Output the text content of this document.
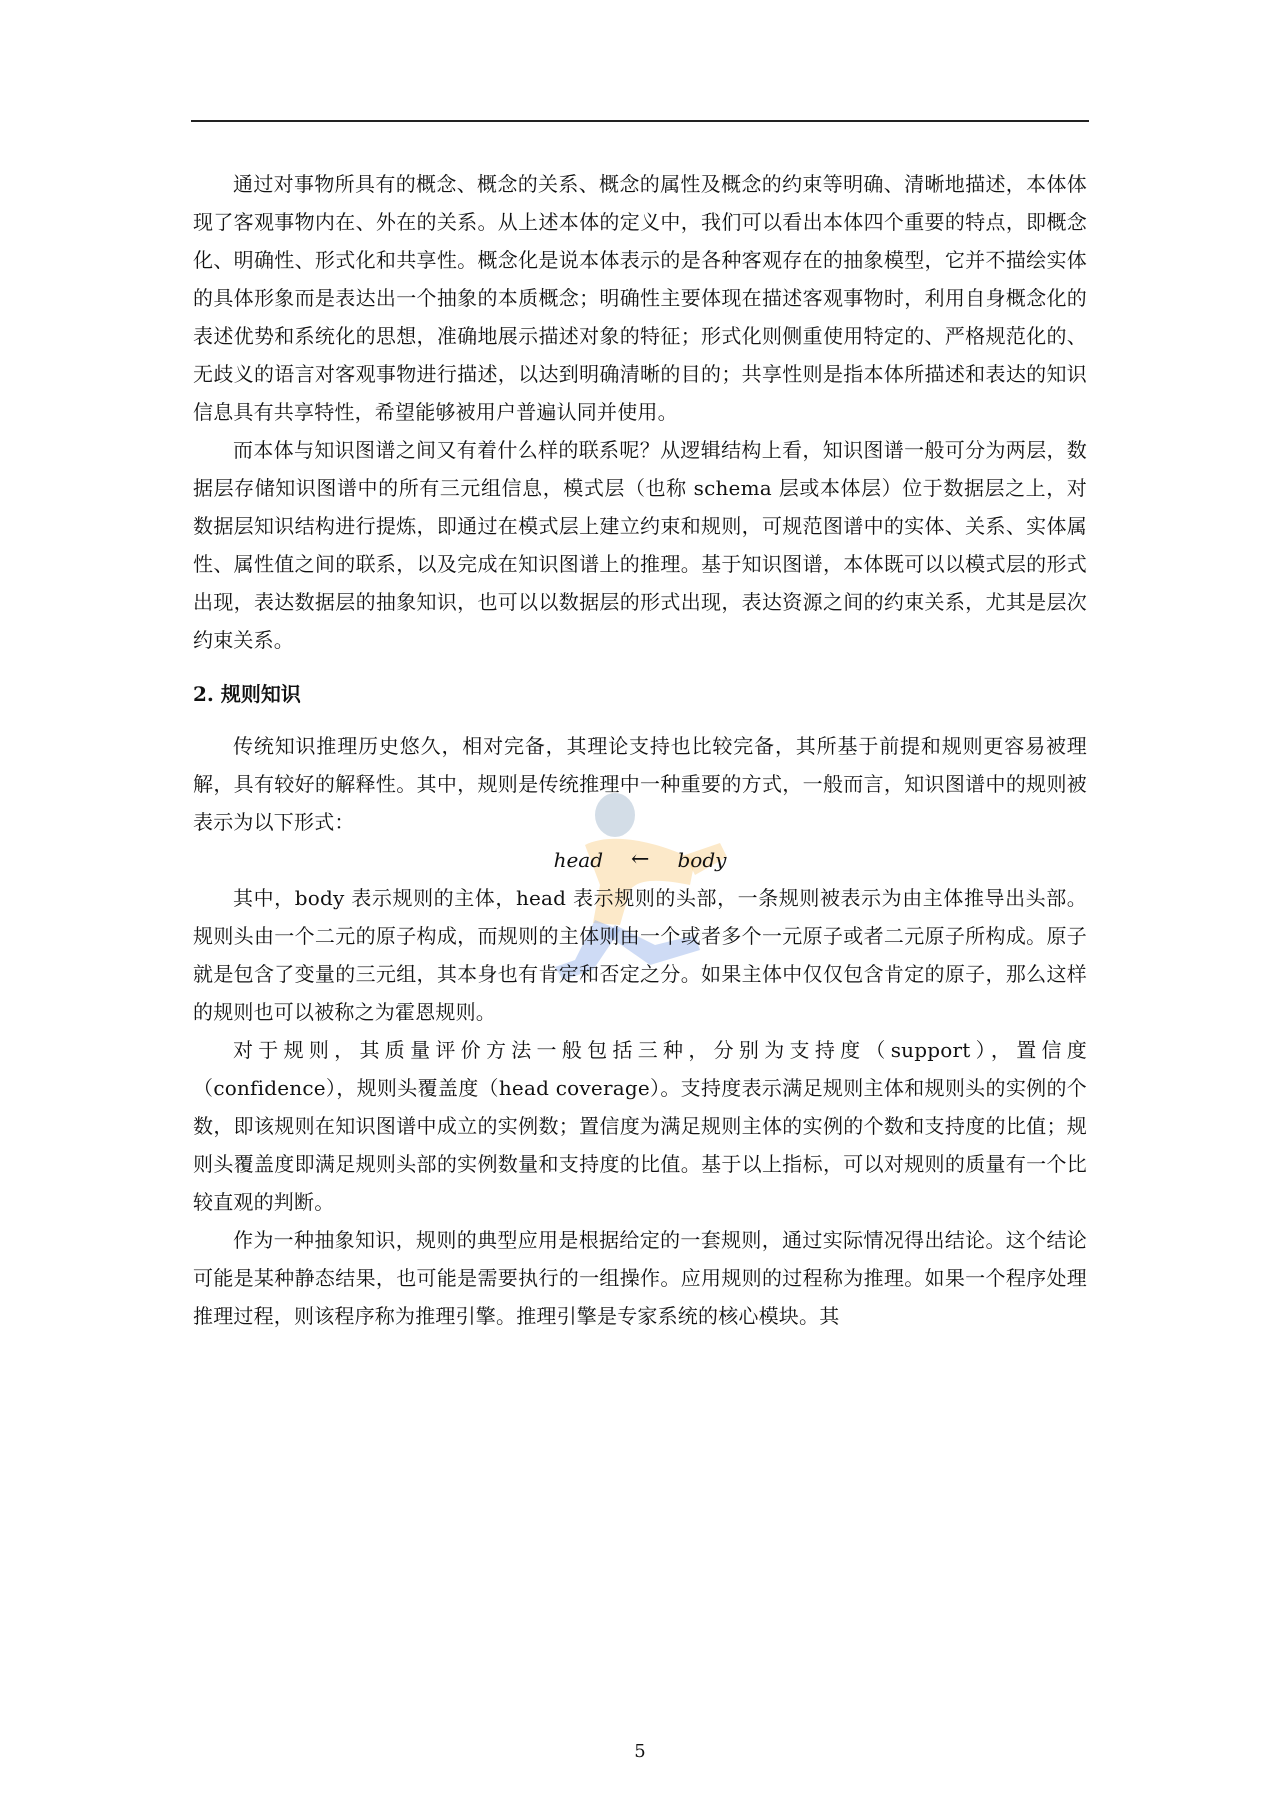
通过对事物所具有的概念、概念的关系、概念的属性及概念的约束等明确、清晰地描述，本体体现了客观事物内在、外在的关系。从上述本体的定义中，我们可以看出本体四个重要的特点，即概念化、明确性、形式化和共享性。概念化是说本体表示的是各种客观存在的抽象模型，它并不描绘实体的具体形象而是表达出一个抽象的本质概念；明确性主要体现在描述客观事物时，利用自身概念化的表述优势和系统化的思想，准确地展示描述对象的特征；形式化则侧重使用特定的、严格规范化的、无歧义的语言对客观事物进行描述，以达到明确清晰的目的；共享性则是指本体所描述和表达的知识信息具有共享特性，希望能够被用户普遍认同并使用。

而本体与知识图谱之间又有着什么样的联系呢？从逻辑结构上看，知识图谱一般可分为两层，数据层存储知识图谱中的所有三元组信息，模式层（也称 schema 层或本体层）位于数据层之上，对数据层知识结构进行提炼，即通过在模式层上建立约束和规则，可规范图谱中的实体、关系、实体属性、属性值之间的联系，以及完成在知识图谱上的推理。基于知识图谱，本体既可以以模式层的形式出现，表达数据层的抽象知识，也可以以数据层的形式出现，表达资源之间的约束关系，尤其是层次约束关系。

2. 规则知识

传统知识推理历史悠久，相对完备，其理论支持也比较完备，其所基于前提和规则更容易被理解，具有较好的解释性。其中，规则是传统推理中一种重要的方式，一般而言，知识图谱中的规则被表示为以下形式：

head ← body

其中，body 表示规则的主体，head 表示规则的头部，一条规则被表示为由主体推导出头部。规则头由一个二元的原子构成，而规则的主体则由一个或者多个一元原子或者二元原子所构成。原子就是包含了变量的三元组，其本身也有肯定和否定之分。如果主体中仅仅包含肯定的原子，那么这样的规则也可以被称之为霍恩规则。

对于规则，其质量评价方法一般包括三种，分别为支持度（support），置信度（confidence），规则头覆盖度（head coverage）。支持度表示满足规则主体和规则头的实例的个数，即该规则在知识图谱中成立的实例数；置信度为满足规则主体的实例的个数和支持度的比值；规则头覆盖度即满足规则头部的实例数量和支持度的比值。基于以上指标，可以对规则的质量有一个比较直观的判断。

作为一种抽象知识，规则的典型应用是根据给定的一套规则，通过实际情况得出结论。这个结论可能是某种静态结果，也可能是需要执行的一组操作。应用规则的过程称为推理。如果一个程序处理推理过程，则该程序称为推理引擎。推理引擎是专家系统的核心模块。其

5
